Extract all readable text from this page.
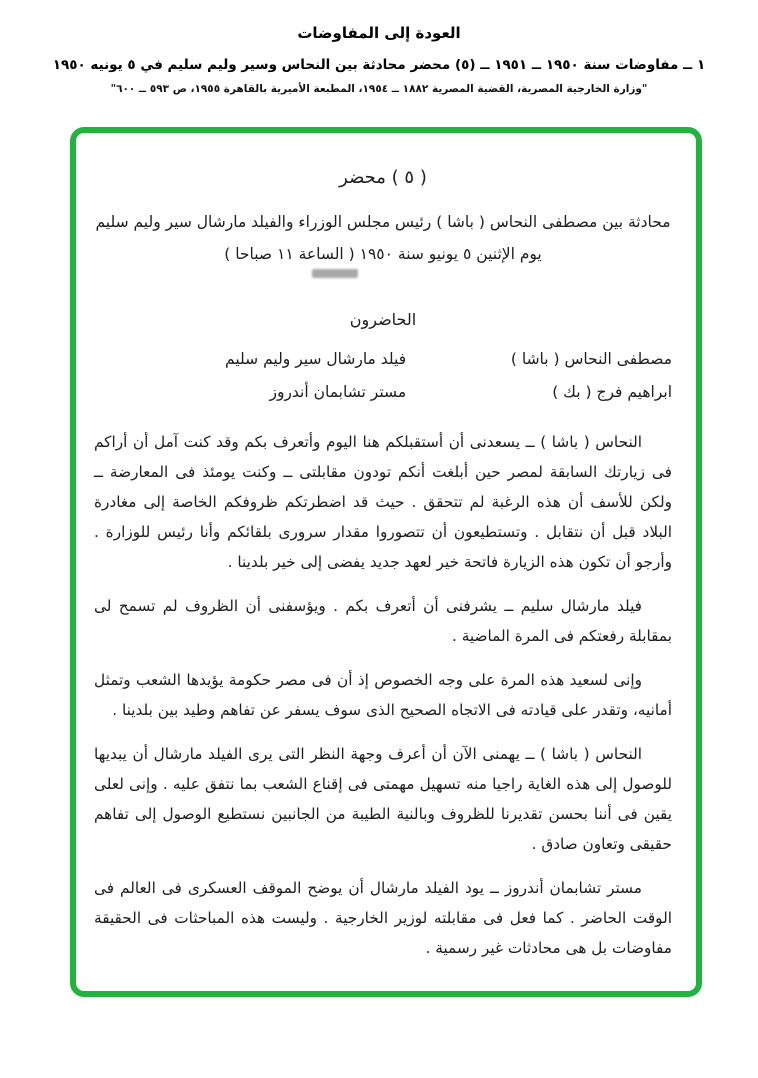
العودة إلى المفاوضات

١ ــ مفاوضات سنة ١٩٥٠ ــ ١٩٥١ ــ (٥) محضر محادثة بين النحاس وسير وليم سليم في ٥ يونيه ١٩٥٠

"وزارة الخارجية المصرية، القضية المصرية ١٨٨٢ ــ ١٩٥٤، المطبعة الأميرية بالقاهرة ١٩٥٥، ص ٥٩٣ ــ ٦٠٠"

( ٥ ) محضر

محادثة بين مصطفى النحاس ( باشا ) رئيس مجلس الوزراء والفيلد مارشال سير وليم سليم

يوم الإثنين ٥ يونيو سنة ١٩٥٠ ( الساعة ١١ صباحا )

الحاضرون
مصطفى النحاس ( باشا )
فيلد مارشال سير وليم سليم
ابراهيم فرج ( بك )
مستر تشابمان أندروز

النحاس ( باشا ) ــ يسعدنى أن أستقبلكم هنا اليوم وأتعرف بكم وقد كنت آمل أن أراكم فى زيارتك السابقة لمصر حين أبلغت أنكم تودون مقابلتى ــ وكنت يومئذ فى المعارضة ــ ولكن للأسف أن هذه الرغبة لم تتحقق . حيث قد اضطرتكم ظروفكم الخاصة إلى مغادرة البلاد قبل أن نتقابل . وتستطيعون أن تتصوروا مقدار سرورى بلقائكم وأنا رئيس للوزارة . وأرجو أن تكون هذه الزيارة فاتحة خير لعهد جديد يفضى إلى خير بلدينا .

فيلد مارشال سليم ــ يشرفنى أن أتعرف بكم . ويؤسفنى أن الظروف لم تسمح لى بمقابلة رفعتكم فى المرة الماضية .

وإنى لسعيد هذه المرة على وجه الخصوص إذ أن فى مصر حكومة يؤيدها الشعب وتمثل أمانيه، وتقدر على قيادته فى الاتجاه الصحيح الذى سوف يسفر عن تفاهم وطيد بين بلدينا .

النحاس ( باشا ) ــ يهمنى الآن أن أعرف وجهة النظر التى يرى الفيلد مارشال أن يبديها للوصول إلى هذه الغاية راجيا منه تسهيل مهمتى فى إقناع الشعب بما نتفق عليه . وإنى لعلى يقين فى أننا بحسن تقديرنا للظروف وبالنية الطيبة من الجانبين نستطيع الوصول إلى تفاهم حقيقى وتعاون صادق .

مستر تشابمان أندروز ــ يود الفيلد مارشال أن يوضح الموقف العسكرى فى العالم فى الوقت الحاضر . كما فعل فى مقابلته لوزير الخارجية . وليست هذه المباحثات فى الحقيقة مفاوضات بل هى محادثات غير رسمية .
